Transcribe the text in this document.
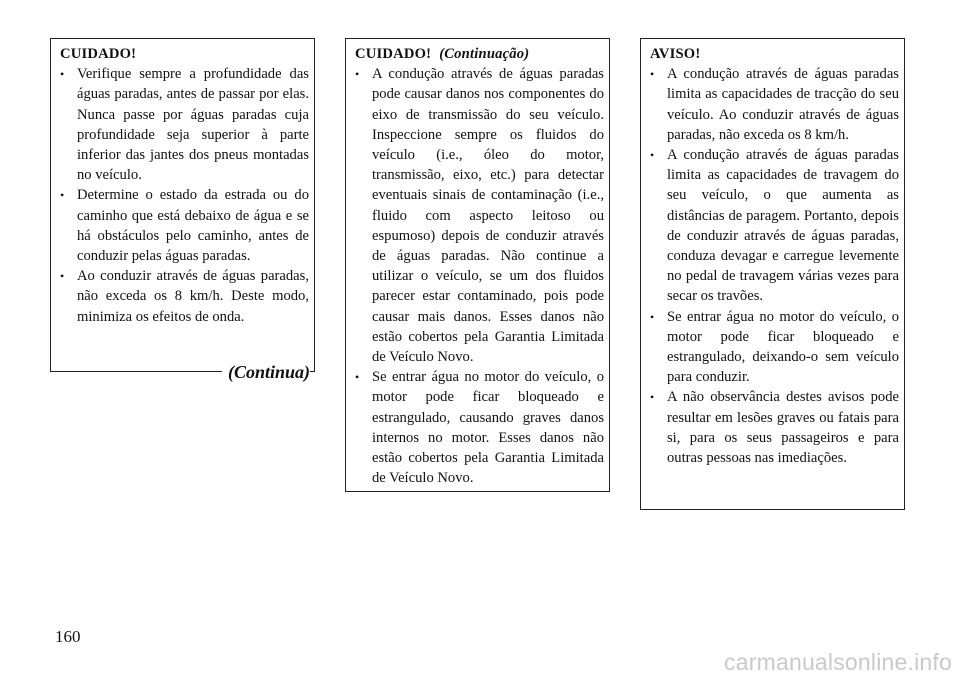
CUIDADO!
• Verifique sempre a profundidade das águas paradas, antes de passar por elas. Nunca passe por águas paradas cuja profundidade seja superior à parte inferior das jantes dos pneus montadas no veículo.
• Determine o estado da estrada ou do caminho que está debaixo de água e se há obstáculos pelo caminho, antes de conduzir pelas águas paradas.
• Ao conduzir através de águas paradas, não exceda os 8 km/h. Deste modo, minimiza os efeitos de onda.
(Continua)
CUIDADO! (Continuação)
• A condução através de águas paradas pode causar danos nos componentes do eixo de transmissão do seu veículo. Inspeccione sempre os fluidos do veículo (i.e., óleo do motor, transmissão, eixo, etc.) para detectar eventuais sinais de contaminação (i.e., fluido com aspecto leitoso ou espumoso) depois de conduzir através de águas paradas. Não continue a utilizar o veículo, se um dos fluidos parecer estar contaminado, pois pode causar mais danos. Esses danos não estão cobertos pela Garantia Limitada de Veículo Novo.
• Se entrar água no motor do veículo, o motor pode ficar bloqueado e estrangulado, causando graves danos internos no motor. Esses danos não estão cobertos pela Garantia Limitada de Veículo Novo.
AVISO!
• A condução através de águas paradas limita as capacidades de tracção do seu veículo. Ao conduzir através de águas paradas, não exceda os 8 km/h.
• A condução através de águas paradas limita as capacidades de travagem do seu veículo, o que aumenta as distâncias de paragem. Portanto, depois de conduzir através de águas paradas, conduza devagar e carregue levemente no pedal de travagem várias vezes para secar os travões.
• Se entrar água no motor do veículo, o motor pode ficar bloqueado e estrangulado, deixando-o sem veículo para conduzir.
• A não observância destes avisos pode resultar em lesões graves ou fatais para si, para os seus passageiros e para outras pessoas nas imediações.
160
carmanualsonline.info
